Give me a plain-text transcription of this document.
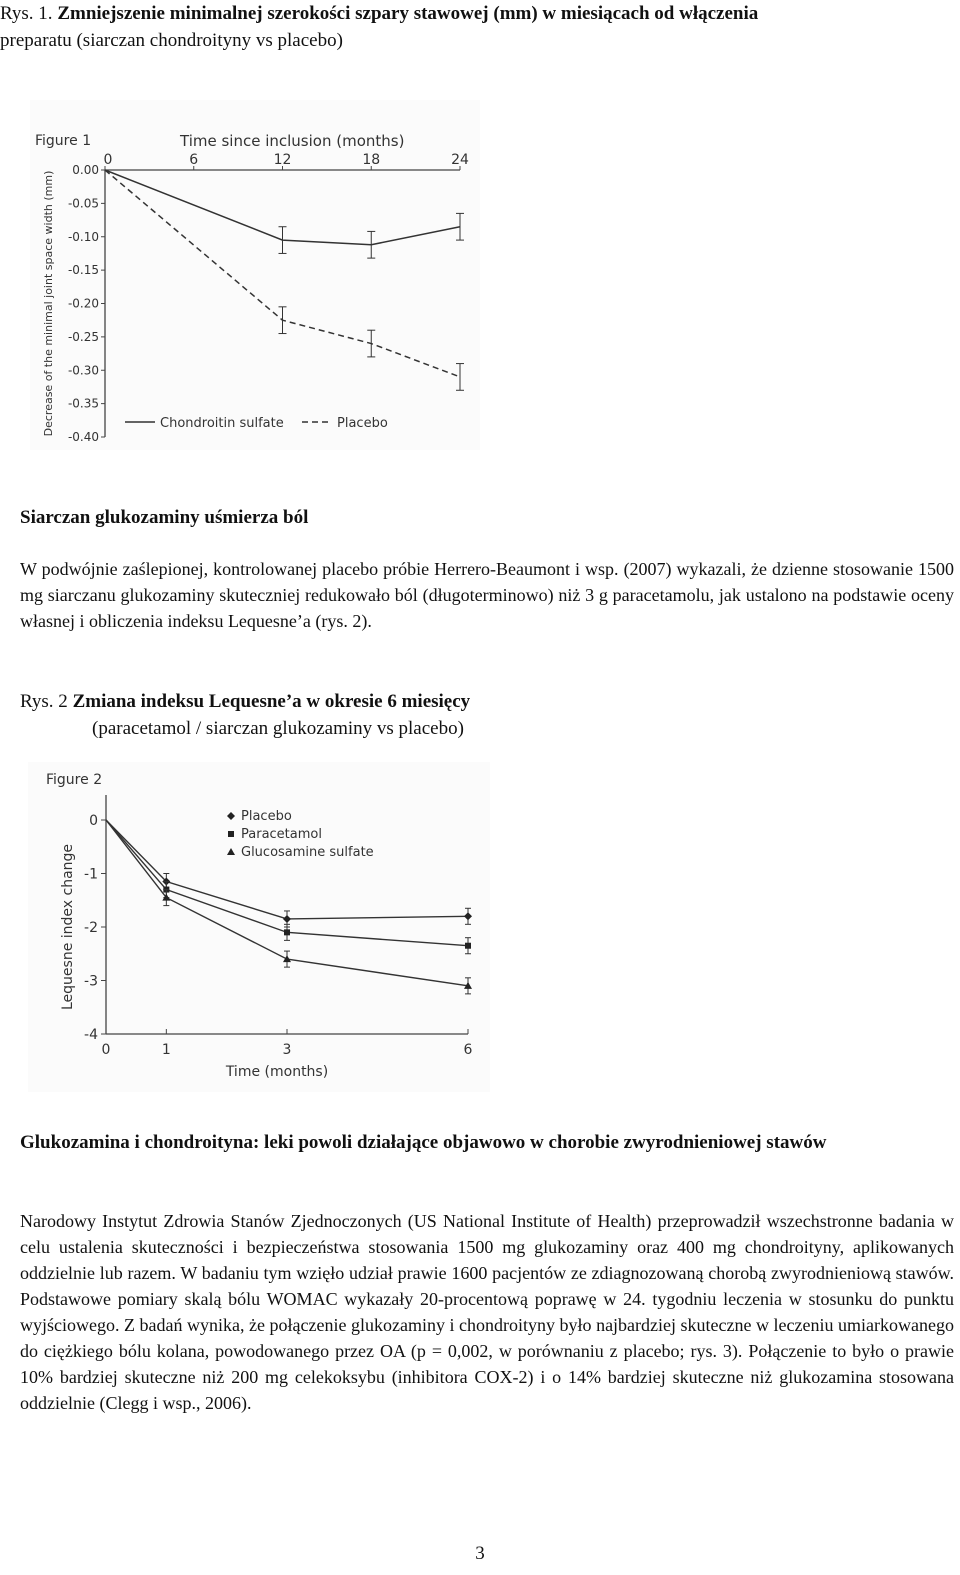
Rys. 1. Zmniejszenie minimalnej szerokości szpary stawowej (mm) w miesiącach od włączenia
preparatu (siarczan chondroityny vs placebo)
Figure 1	Time since inclusion (months)
0	6	12	18	24
0.00
-0.05
-0.10
-0.15
-0.20
-0.25
-0.30
-0.35
-0.40
Decrease of the minimal joint space width (mm)	Chondroitin sulfate	Placebo
Siarczan glukozaminy uśmierza ból
W podwójnie zaślepionej, kontrolowanej placebo próbie Herrero-Beaumont i wsp. (2007) wykazali, że dzienne stosowanie 1500 mg siarczanu glukozaminy skuteczniej redukowało ból (długoterminowo) niż 3 g paracetamolu, jak ustalono na podstawie oceny własnej i obliczenia indeksu Lequesne’a (rys. 2).
Rys. 2 Zmiana indeksu Lequesne’a w okresie 6 miesięcy
(paracetamol / siarczan glukozaminy vs placebo)
Figure 2
0
-1
-2
-3
-4
0	1	3	6
Time (months)
Lequesne index change
Placebo
Paracetamol
Glucosamine sulfate
Glukozamina i chondroityna: leki powoli działające objawowo w chorobie zwyrodnieniowej stawów
Narodowy Instytut Zdrowia Stanów Zjednoczonych (US National Institute of Health) przeprowadził wszechstronne badania w celu ustalenia skuteczności i bezpieczeństwa stosowania 1500 mg glukozaminy oraz 400 mg chondroityny, aplikowanych oddzielnie lub razem. W badaniu tym wzięło udział prawie 1600 pacjentów ze zdiagnozowaną chorobą zwyrodnieniową stawów. Podstawowe pomiary skalą bólu WOMAC wykazały 20-procentową poprawę w 24. tygodniu leczenia w stosunku do punktu wyjściowego. Z badań wynika, że połączenie glukozaminy i chondroityny było najbardziej skuteczne w leczeniu umiarkowanego do ciężkiego bólu kolana, powodowanego przez OA (p = 0,002, w porównaniu z placebo; rys. 3). Połączenie to było o prawie 10% bardziej skuteczne niż 200 mg celekoksybu (inhibitora COX-2) i o 14% bardziej skuteczne niż glukozamina stosowana oddzielnie (Clegg i wsp., 2006).
3
